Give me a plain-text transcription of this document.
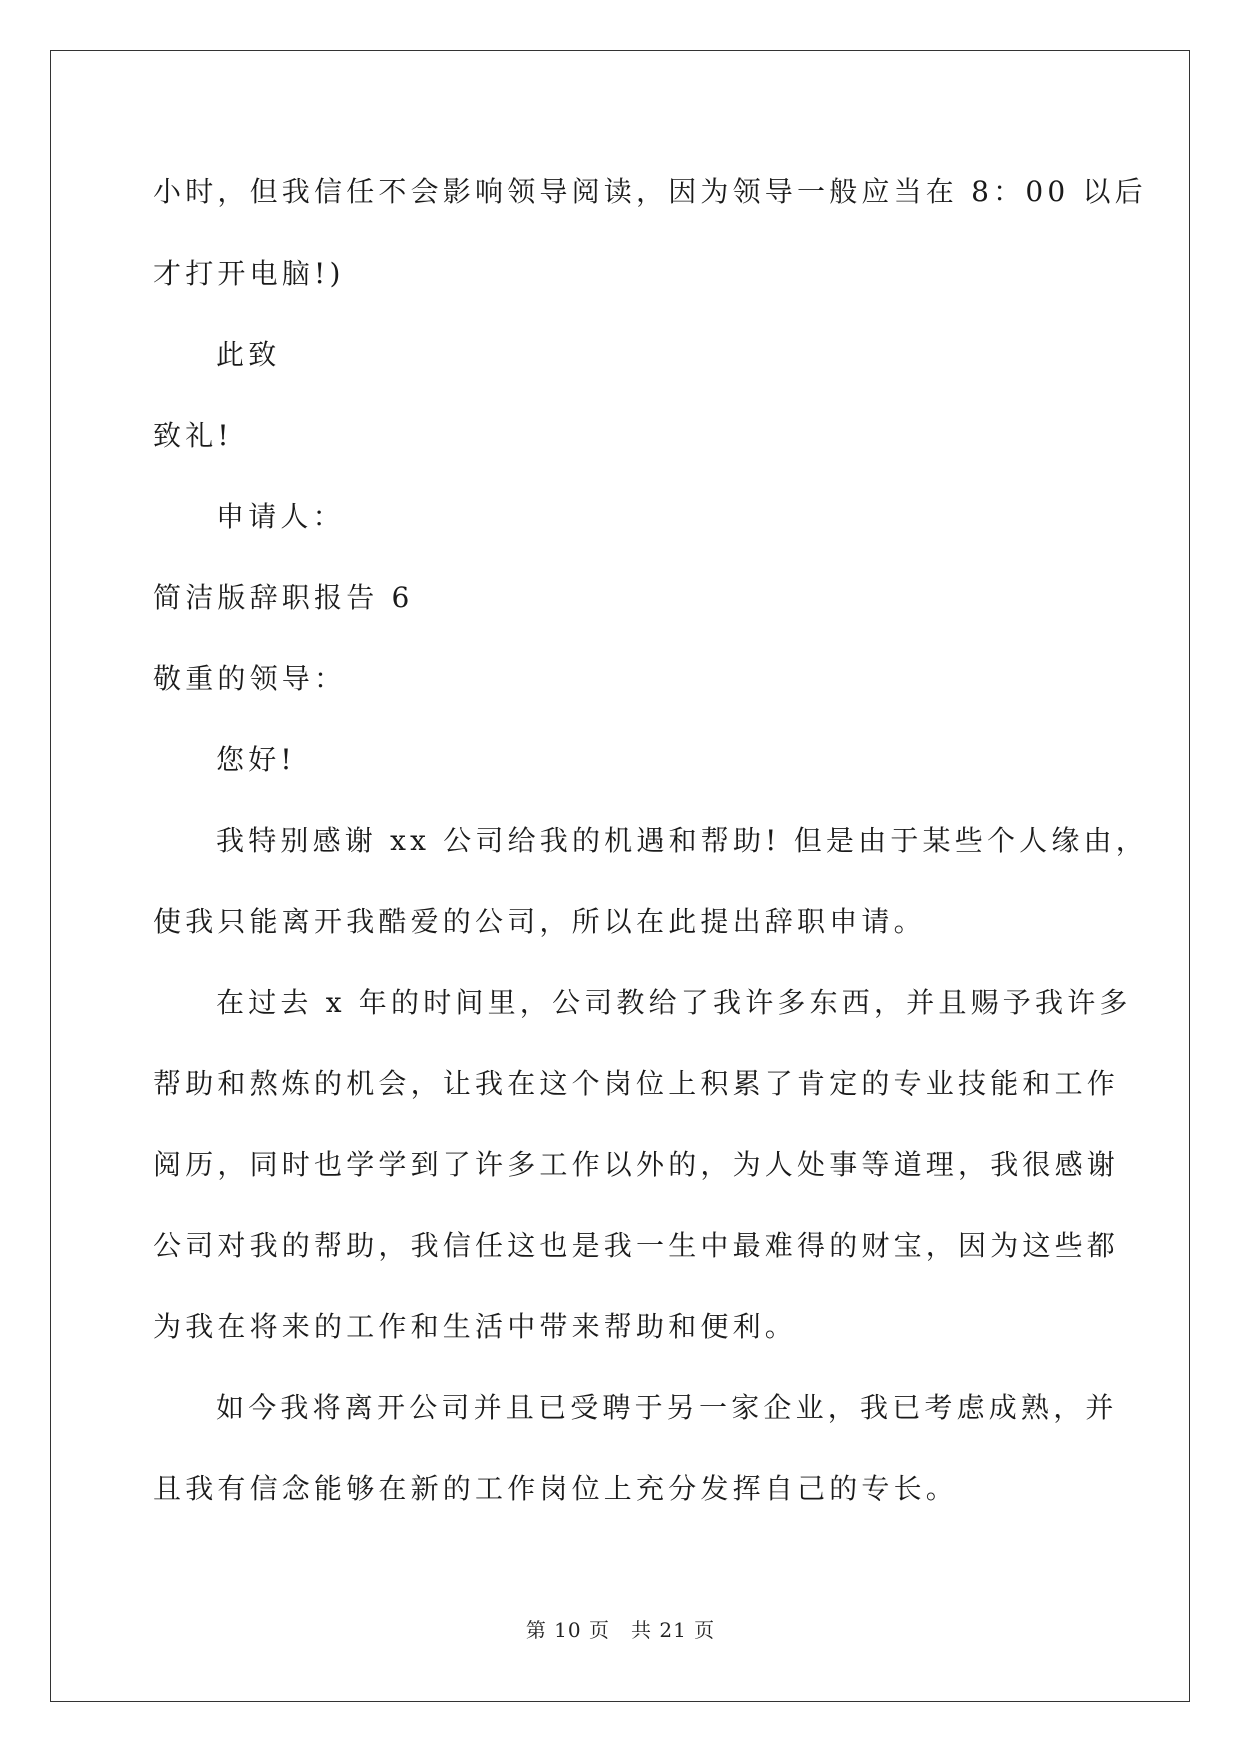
小时，但我信任不会影响领导阅读，因为领导一般应当在 8：00 以后
才打开电脑!)
此致
致礼!
申请人：
简洁版辞职报告 6
敬重的领导：
您好!
我特别感谢 xx 公司给我的机遇和帮助! 但是由于某些个人缘由，
使我只能离开我酷爱的公司，所以在此提出辞职申请。
在过去 x 年的时间里，公司教给了我许多东西，并且赐予我许多
帮助和熬炼的机会，让我在这个岗位上积累了肯定的专业技能和工作
阅历，同时也学学到了许多工作以外的，为人处事等道理，我很感谢
公司对我的帮助，我信任这也是我一生中最难得的财宝，因为这些都
为我在将来的工作和生活中带来帮助和便利。
如今我将离开公司并且已受聘于另一家企业，我已考虑成熟，并
且我有信念能够在新的工作岗位上充分发挥自己的专长。
第 10 页　共 21 页
